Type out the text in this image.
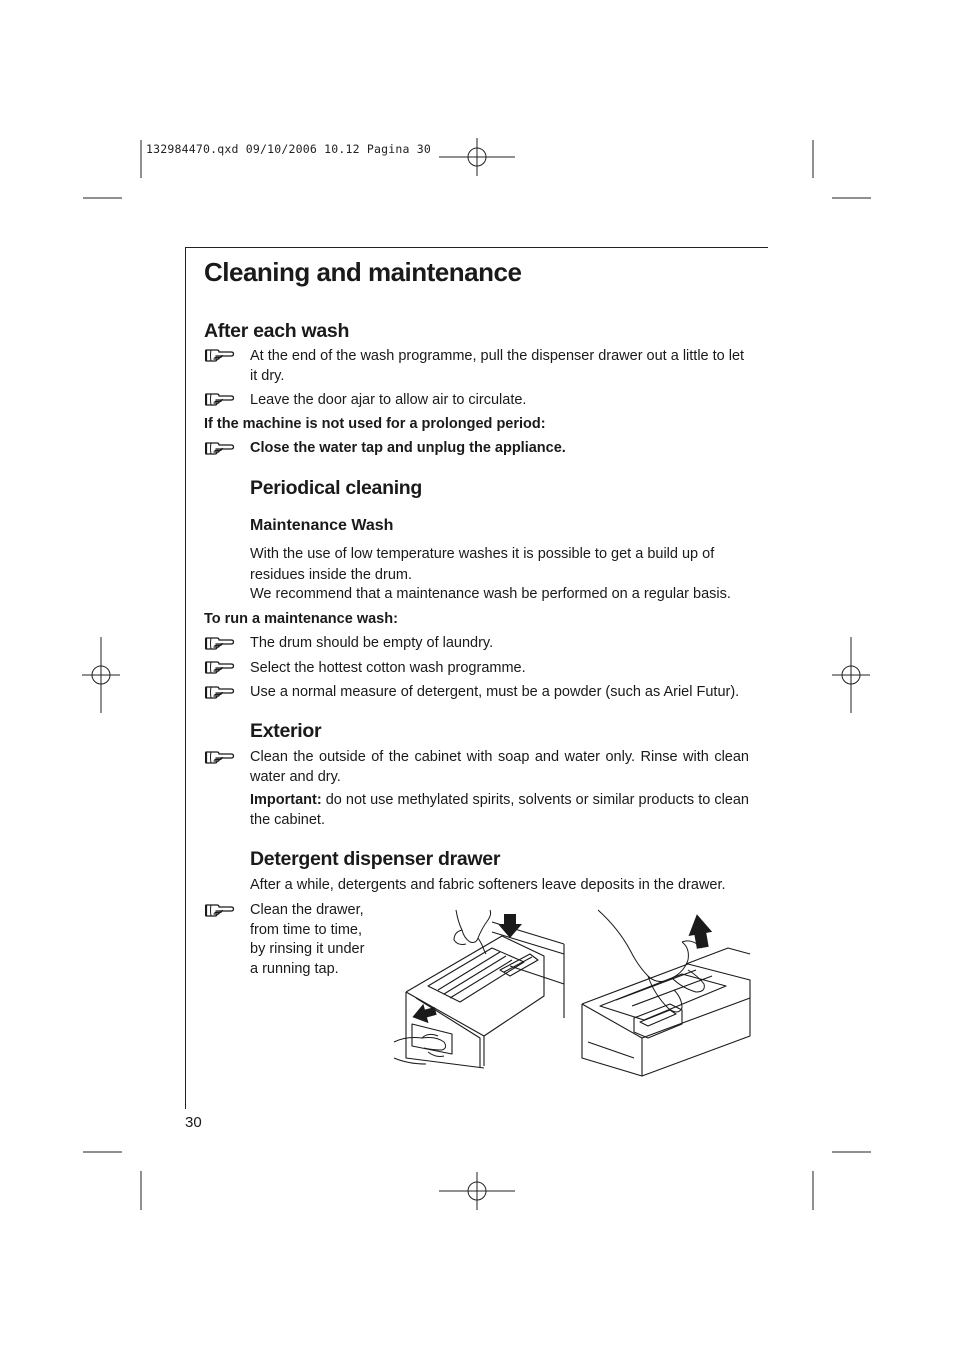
132984470.qxd 09/10/2006 10.12 Pagina 30
Cleaning and maintenance
After each wash
At the end of the wash programme, pull the dispenser drawer out a little to let it dry.
Leave the door ajar to allow air to circulate.
If the machine is not used for a prolonged period:
Close the water tap and unplug the appliance.
Periodical cleaning
Maintenance Wash
With the use of low temperature washes it is possible to get a build up of residues inside the drum.
We recommend that a maintenance wash be performed on a regular basis.
To run a maintenance wash:
The drum should be empty of laundry.
Select the hottest cotton wash programme.
Use a normal measure of detergent, must be a powder (such as Ariel Futur).
Exterior
Clean the outside of the cabinet with soap and water only. Rinse with clean water and dry.
Important: do not use methylated spirits, solvents or similar products to clean the cabinet.
Detergent dispenser drawer
After a while, detergents and fabric softeners leave deposits in the drawer.
Clean the drawer,
from time to time,
by rinsing it under
a running tap.
30
